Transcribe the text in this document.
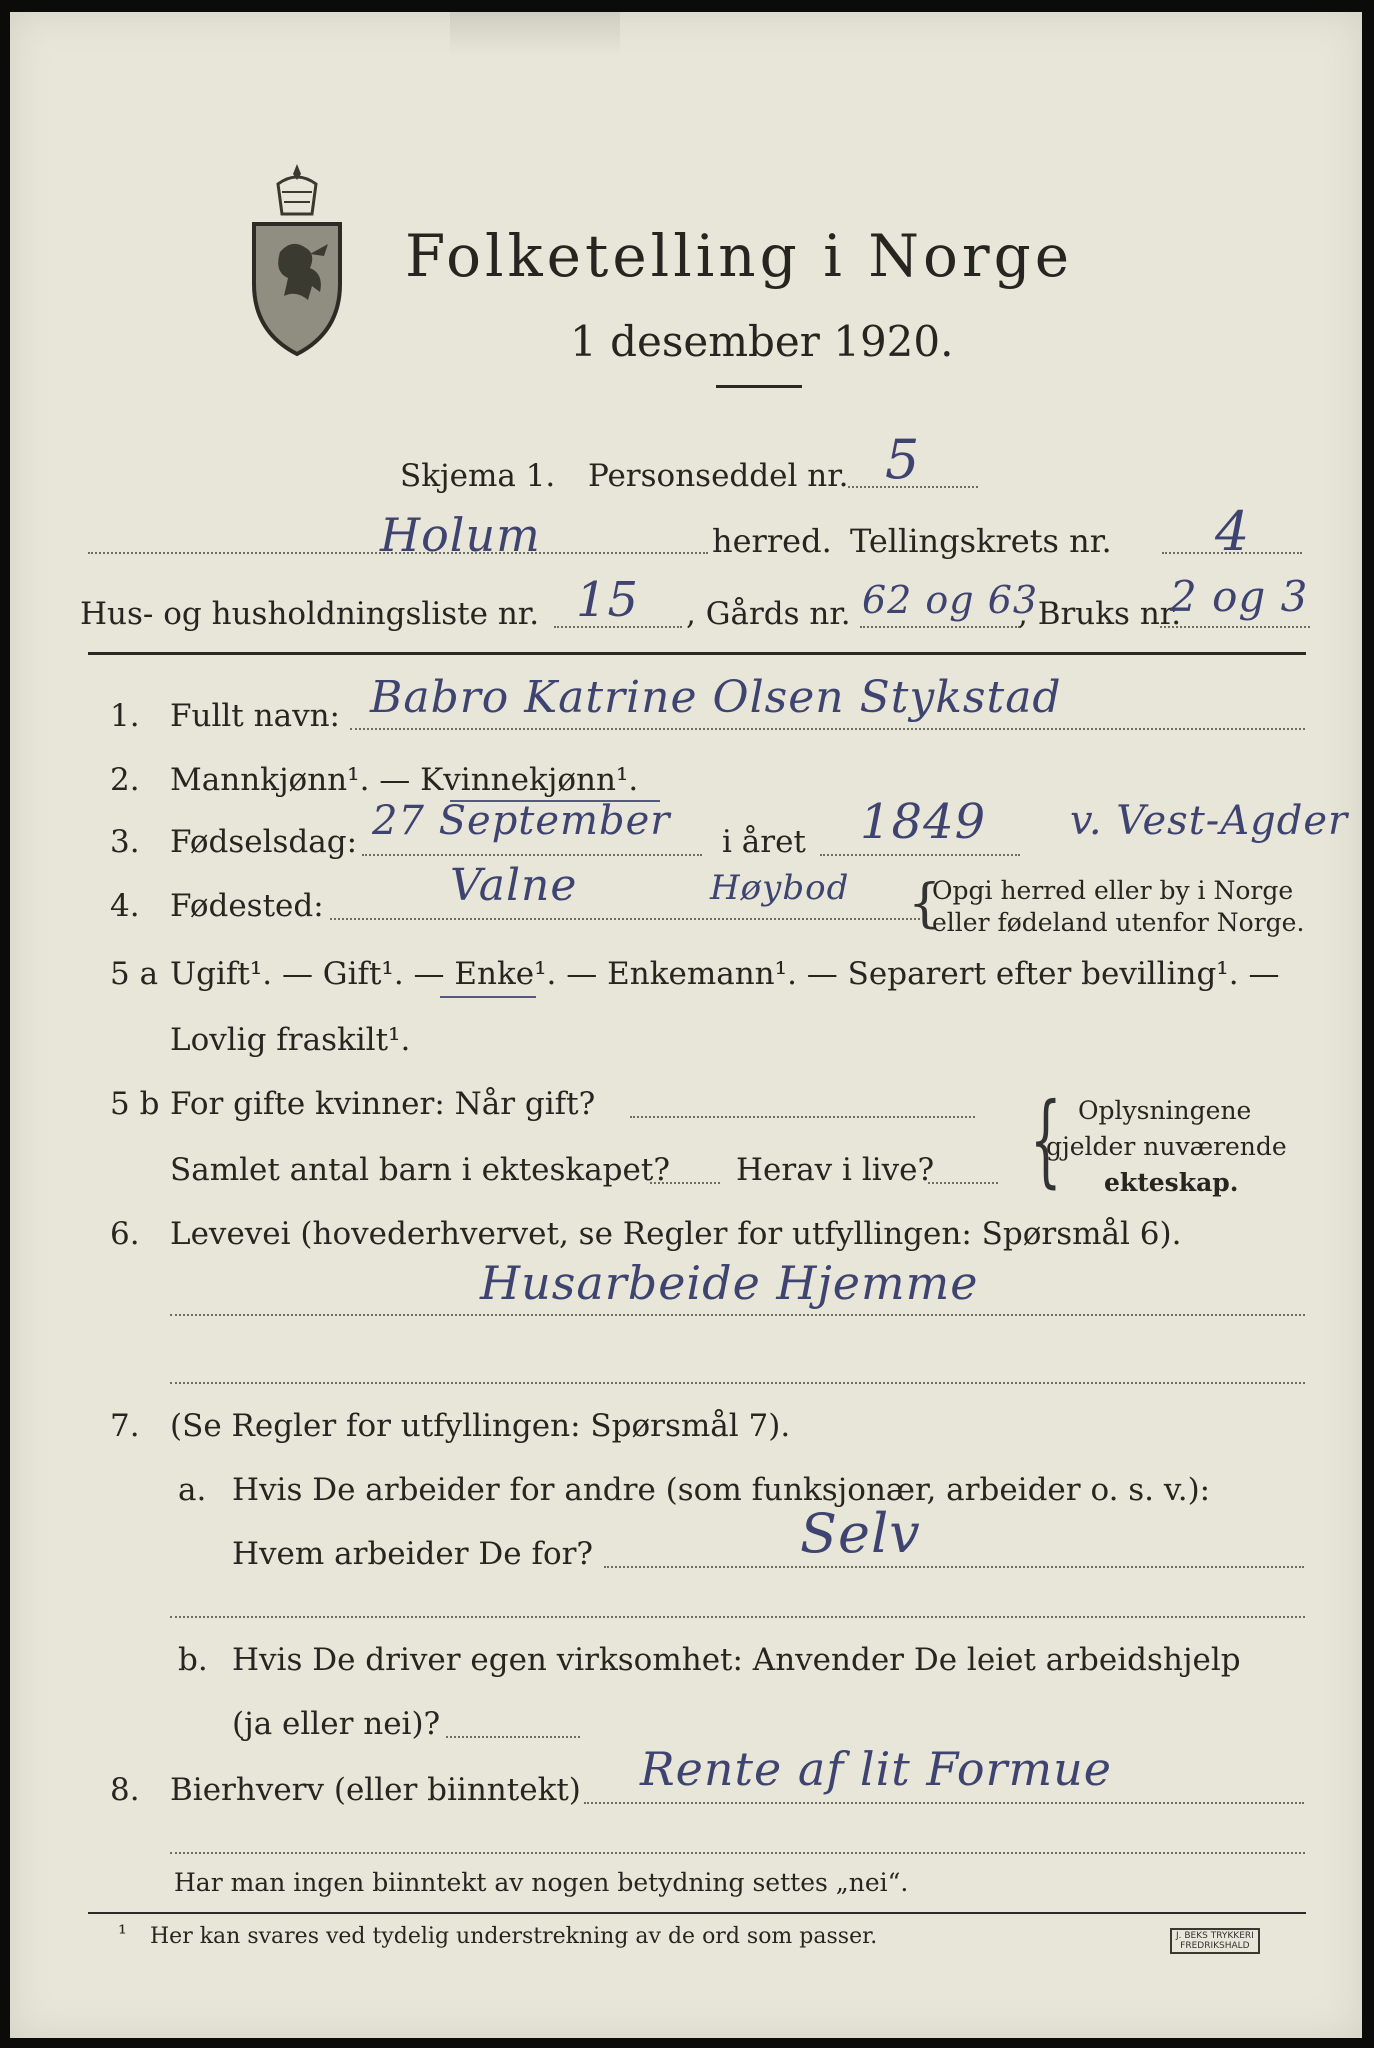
Folketelling i Norge
1 desember 1920.
Skjema 1. Personseddel nr. 5
Holum	herred. Tellingskrets nr. 4
Hus- og husholdningsliste nr. 15 , Gårds nr. 62 og 63
, Bruks nr.
2 og 3
1. Fullt navn: Babro Katrine Olsen Stykstad
2. Mannkjønn¹. — Kvinnekjønn¹.
3. Fødselsdag: 27 September i året 1849 v. Vest-Agder
4. Fødested:	Valne	Høybod {
Opgi herred eller by i Norge
eller fødeland utenfor Norge.
5 a Ugift¹. — Gift¹. — Enke¹. — Enkemann¹. — Separert efter bevilling¹. —
Lovlig fraskilt¹.
5 b For gifte kvinner: Når gift?
Samlet antal barn i ekteskapet? Herav i live? { Oplysningene
gjelder nuværende
ekteskap.
6. Levevei (hovederhvervet, se Regler for utfyllingen: Spørsmål 6).
Husarbeide Hjemme
7. (Se Regler for utfyllingen: Spørsmål 7).
a. Hvis De arbeider for andre (som funksjonær, arbeider o. s. v.):
Hvem arbeider De for?	Selv
b. Hvis De driver egen virksomhet: Anvender De leiet arbeidshjelp
(ja eller nei)?
8. Bierhverv (eller biinntekt) Rente af lit Formue
Har man ingen biinntekt av nogen betydning settes „nei“.
¹ Her kan svares ved tydelig understrekning av de ord som passer.	J. BEKS TRYKKERI
FREDRIKSHALD
